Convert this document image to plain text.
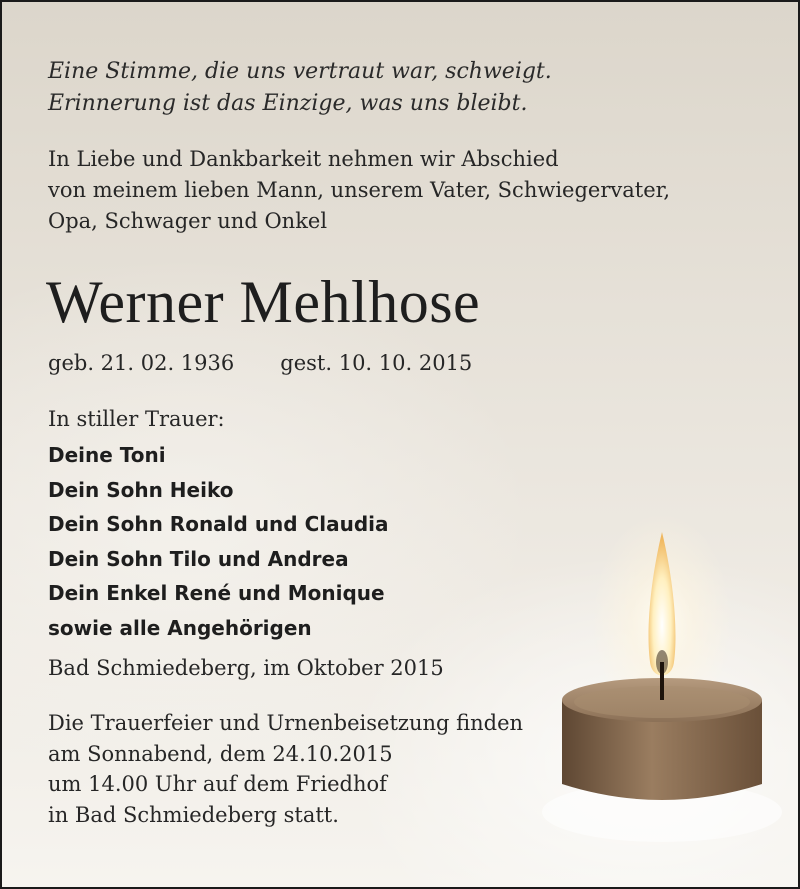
Eine Stimme, die uns vertraut war, schweigt.
Erinnerung ist das Einzige, was uns bleibt.
In Liebe und Dankbarkeit nehmen wir Abschied
von meinem lieben Mann, unserem Vater, Schwiegervater,
Opa, Schwager und Onkel
Werner Mehlhose
geb. 21. 02. 1936 gest. 10. 10. 2015
In stiller Trauer:
Deine Toni
Dein Sohn Heiko
Dein Sohn Ronald und Claudia
Dein Sohn Tilo und Andrea
Dein Enkel René und Monique
sowie alle Angehörigen
Bad Schmiedeberg, im Oktober 2015
Die Trauerfeier und Urnenbeisetzung finden
am Sonnabend, dem 24.10.2015
um 14.00 Uhr auf dem Friedhof
in Bad Schmiedeberg statt.
